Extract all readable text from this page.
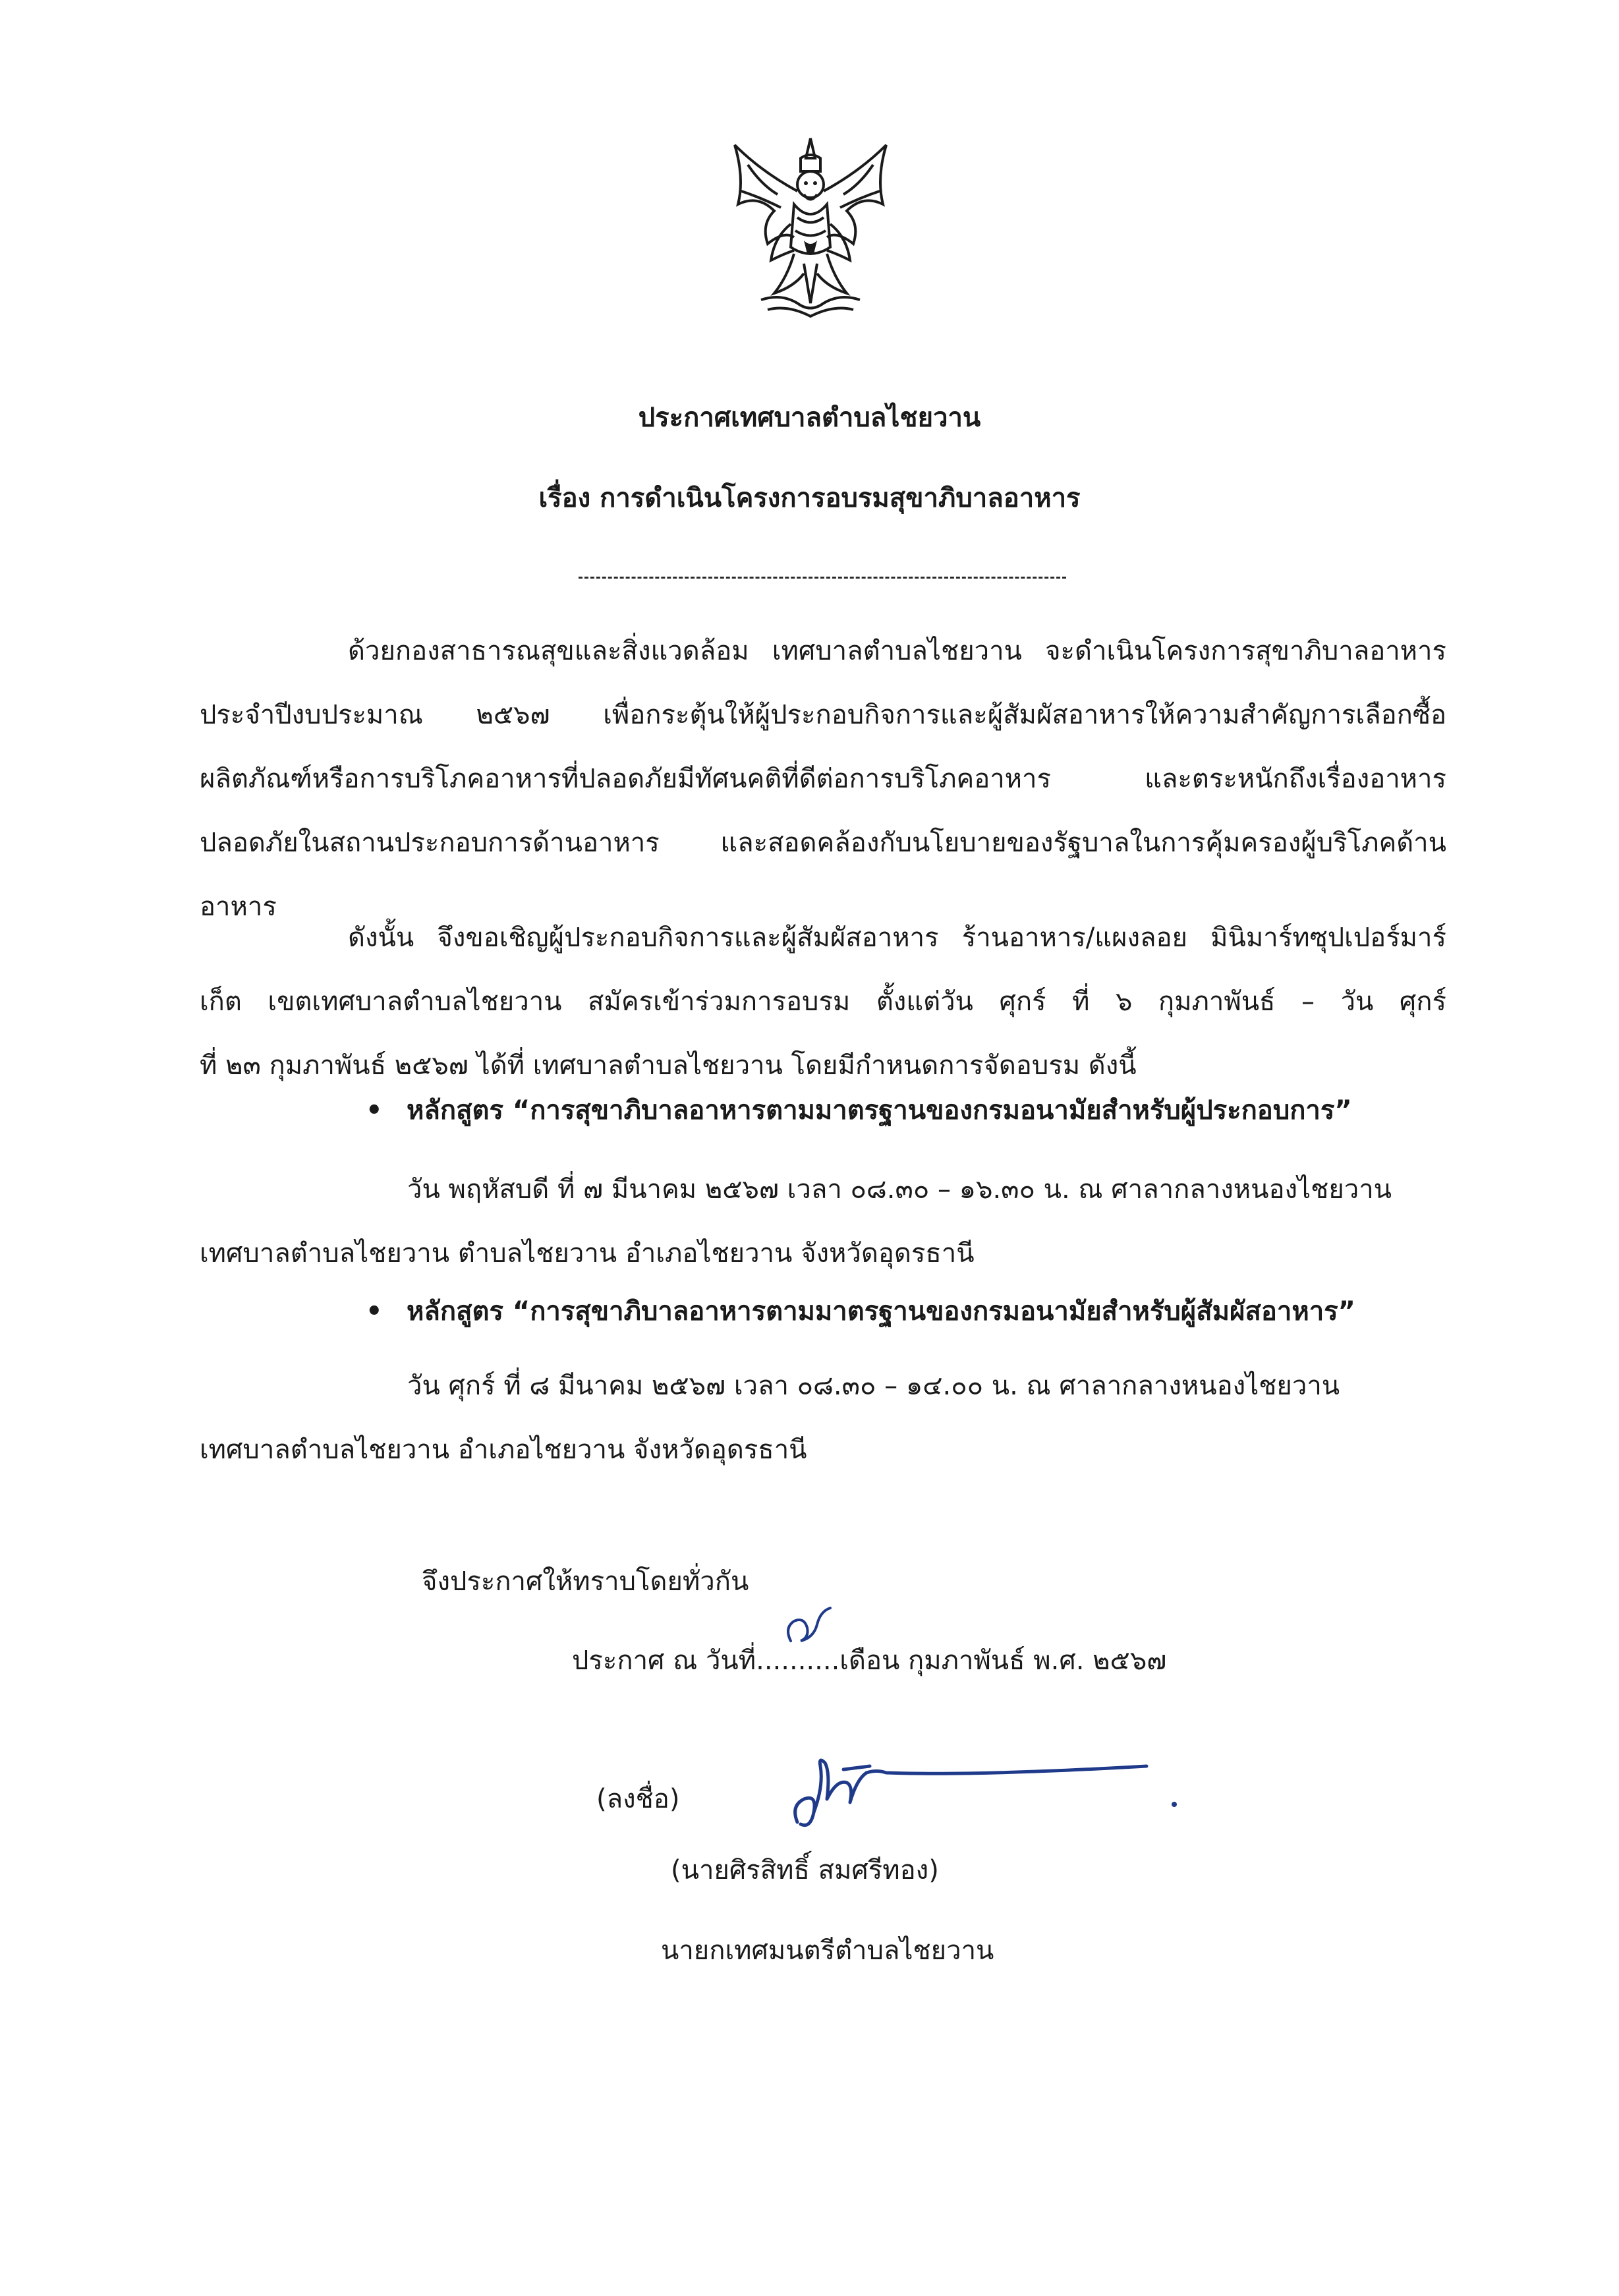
ประกาศเทศบาลตำบลไชยวาน
เรื่อง การดำเนินโครงการอบรมสุขาภิบาลอาหาร
ด้วยกองสาธารณสุขและสิ่งแวดล้อม เทศบาลตำบลไชยวาน จะดำเนินโครงการสุขาภิบาลอาหาร
ประจำปีงบประมาณ ๒๕๖๗ เพื่อกระตุ้นให้ผู้ประกอบกิจการและผู้สัมผัสอาหารให้ความสำคัญการเลือกซื้อ
ผลิตภัณฑ์หรือการบริโภคอาหารที่ปลอดภัยมีทัศนคติที่ดีต่อการบริโภคอาหาร และตระหนักถึงเรื่องอาหาร
ปลอดภัยในสถานประกอบการด้านอาหาร และสอดคล้องกับนโยบายของรัฐบาลในการคุ้มครองผู้บริโภคด้าน
อาหาร
ดังนั้น จึงขอเชิญผู้ประกอบกิจการและผู้สัมผัสอาหาร ร้านอาหาร/แผงลอย มินิมาร์ทซุปเปอร์มาร์
เก็ต เขตเทศบาลตำบลไชยวาน สมัครเข้าร่วมการอบรม ตั้งแต่วัน ศุกร์ ที่ ๖ กุมภาพันธ์ – วัน ศุกร์
ที่ ๒๓ กุมภาพันธ์ ๒๕๖๗ ได้ที่ เทศบาลตำบลไชยวาน โดยมีกำหนดการจัดอบรม ดังนี้
• หลักสูตร “การสุขาภิบาลอาหารตามมาตรฐานของกรมอนามัยสำหรับผู้ประกอบการ”
วัน พฤหัสบดี ที่ ๗ มีนาคม ๒๕๖๗ เวลา ๐๘.๓๐ – ๑๖.๓๐ น. ณ ศาลากลางหนองไชยวาน
เทศบาลตำบลไชยวาน ตำบลไชยวาน อำเภอไชยวาน จังหวัดอุดรธานี
• หลักสูตร “การสุขาภิบาลอาหารตามมาตรฐานของกรมอนามัยสำหรับผู้สัมผัสอาหาร”
วัน ศุกร์ ที่ ๘ มีนาคม ๒๕๖๗ เวลา ๐๘.๓๐ – ๑๔.๐๐ น. ณ ศาลากลางหนองไชยวาน
เทศบาลตำบลไชยวาน อำเภอไชยวาน จังหวัดอุดรธานี
จึงประกาศให้ทราบโดยทั่วกัน
ประกาศ ณ วันที่..........เดือน กุมภาพันธ์ พ.ศ. ๒๕๖๗
(ลงชื่อ)
(นายศิรสิทธิ์ สมศรีทอง)
นายกเทศมนตรีตำบลไชยวาน
